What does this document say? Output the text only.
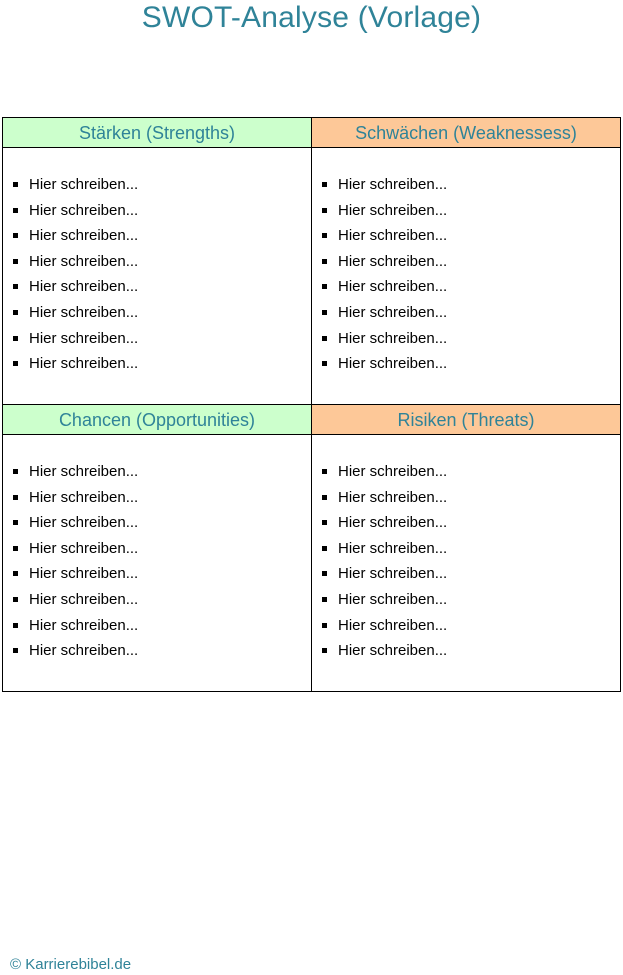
SWOT-Analyse (Vorlage)
Stärken (Strengths)
Hier schreiben...
Hier schreiben...
Hier schreiben...
Hier schreiben...
Hier schreiben...
Hier schreiben...
Hier schreiben...
Hier schreiben...
Schwächen (Weaknessess)
Hier schreiben...
Hier schreiben...
Hier schreiben...
Hier schreiben...
Hier schreiben...
Hier schreiben...
Hier schreiben...
Hier schreiben...
Chancen (Opportunities)
Hier schreiben...
Hier schreiben...
Hier schreiben...
Hier schreiben...
Hier schreiben...
Hier schreiben...
Hier schreiben...
Hier schreiben...
Risiken (Threats)
Hier schreiben...
Hier schreiben...
Hier schreiben...
Hier schreiben...
Hier schreiben...
Hier schreiben...
Hier schreiben...
Hier schreiben...
© Karrierebibel.de
